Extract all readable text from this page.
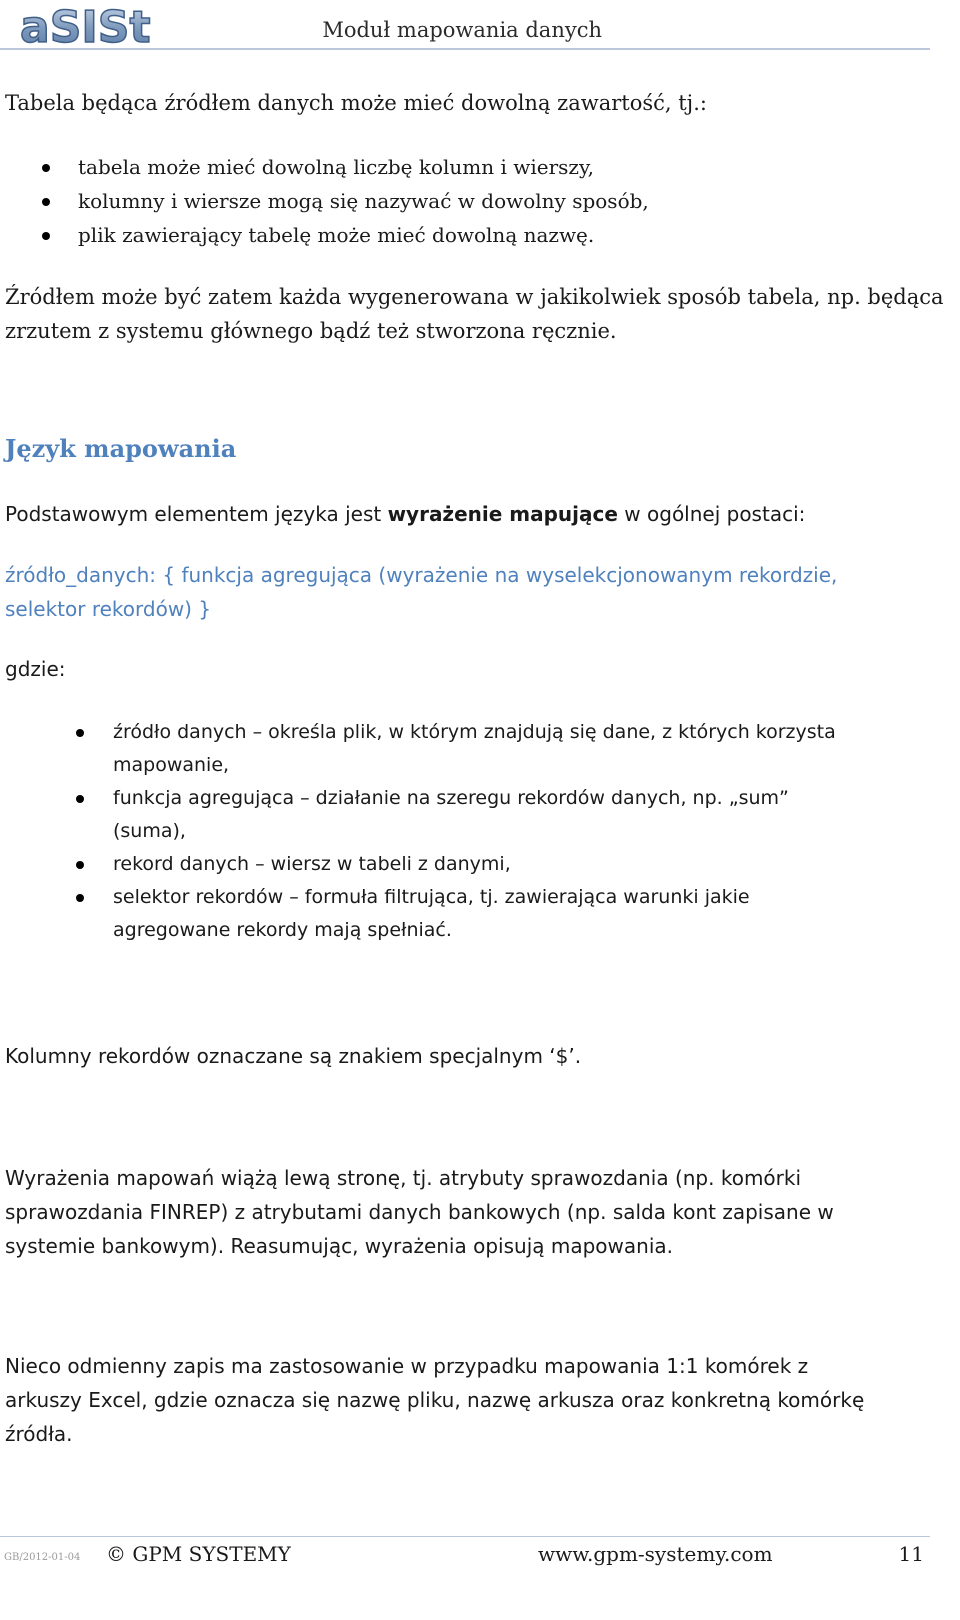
aSISt	Moduł mapowania danych
Tabela będąca źródłem danych może mieć dowolną zawartość, tj.:
tabela może mieć dowolną liczbę kolumn i wierszy,
kolumny i wiersze mogą się nazywać w dowolny sposób,
plik zawierający tabelę może mieć dowolną nazwę.
Źródłem może być zatem każda wygenerowana w jakikolwiek sposób tabela, np. będąca
zrzutem z systemu głównego bądź też stworzona ręcznie.
Język mapowania
Podstawowym elementem języka jest wyrażenie mapujące w ogólnej postaci:
źródło_danych: { funkcja agregująca (wyrażenie na wyselekcjonowanym rekordzie,
selektor rekordów) }
gdzie:
źródło danych – określa plik, w którym znajdują się dane, z których korzysta
mapowanie,
funkcja agregująca – działanie na szeregu rekordów danych, np. „sum”
(suma),
rekord danych – wiersz w tabeli z danymi,
selektor rekordów – formuła filtrująca, tj. zawierająca warunki jakie
agregowane rekordy mają spełniać.
Kolumny rekordów oznaczane są znakiem specjalnym ‘$’.
Wyrażenia mapowań wiążą lewą stronę, tj. atrybuty sprawozdania (np. komórki
sprawozdania FINREP) z atrybutami danych bankowych (np. salda kont zapisane w
systemie bankowym). Reasumując, wyrażenia opisują mapowania.
Nieco odmienny zapis ma zastosowanie w przypadku mapowania 1:1 komórek z
arkuszy Excel, gdzie oznacza się nazwę pliku, nazwę arkusza oraz konkretną komórkę
źródła.
GB/2012-01-04 © GPM SYSTEMY	www.gpm-systemy.com	11
